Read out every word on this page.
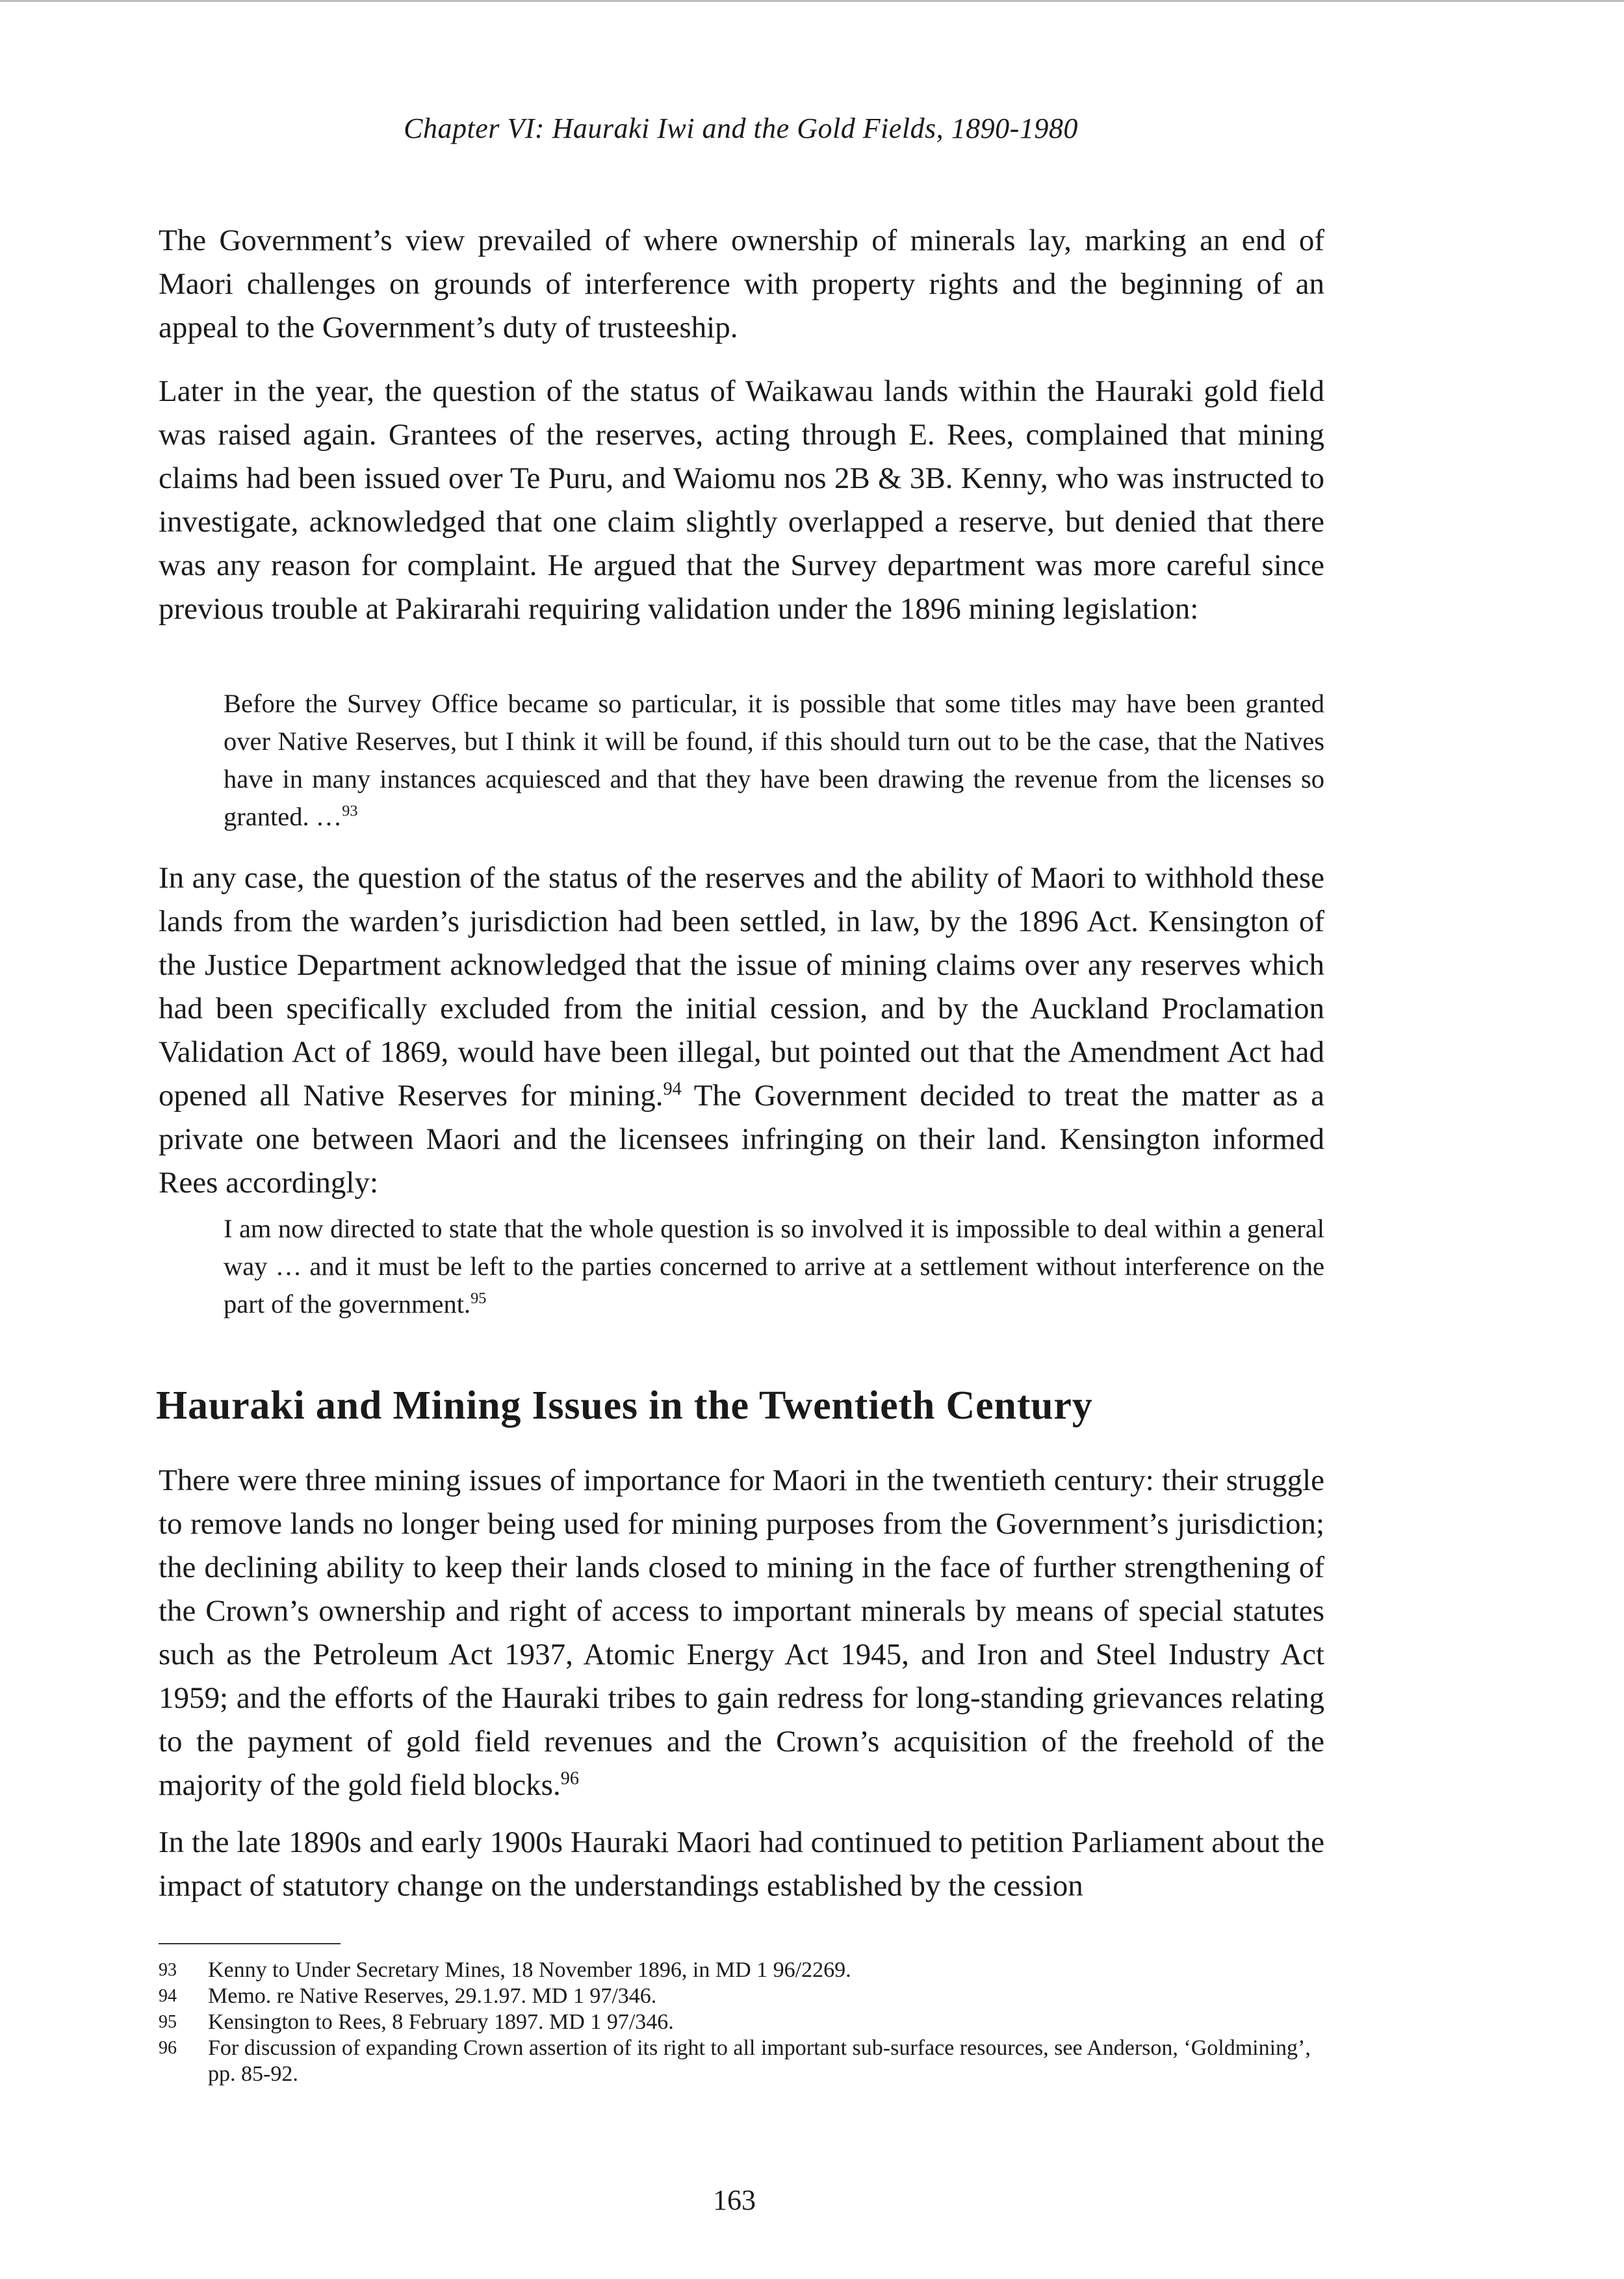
Chapter VI: Hauraki Iwi and the Gold Fields, 1890-1980

The Government’s view prevailed of where ownership of minerals lay, marking an end of Maori challenges on grounds of interference with property rights and the beginning of an appeal to the Government’s duty of trusteeship.

Later in the year, the question of the status of Waikawau lands within the Hauraki gold field was raised again. Grantees of the reserves, acting through E. Rees, complained that mining claims had been issued over Te Puru, and Waiomu nos 2B & 3B. Kenny, who was instructed to investigate, acknowledged that one claim slightly overlapped a reserve, but denied that there was any reason for complaint. He argued that the Survey department was more careful since previous trouble at Pakirarahi requiring validation under the 1896 mining legislation:

Before the Survey Office became so particular, it is possible that some titles may have been granted over Native Reserves, but I think it will be found, if this should turn out to be the case, that the Natives have in many instances acquiesced and that they have been drawing the revenue from the licenses so granted. …$^{93}$

In any case, the question of the status of the reserves and the ability of Maori to withhold these lands from the warden’s jurisdiction had been settled, in law, by the 1896 Act. Kensington of the Justice Department acknowledged that the issue of mining claims over any reserves which had been specifically excluded from the initial cession, and by the Auckland Proclamation Validation Act of 1869, would have been illegal, but pointed out that the Amendment Act had opened all Native Reserves for mining.$^{94}$ The Government decided to treat the matter as a private one between Maori and the licensees infringing on their land. Kensington informed Rees accordingly:

I am now directed to state that the whole question is so involved it is impossible to deal within a general way … and it must be left to the parties concerned to arrive at a settlement without interference on the part of the government.$^{95}$

Hauraki and Mining Issues in the Twentieth Century

There were three mining issues of importance for Maori in the twentieth century: their struggle to remove lands no longer being used for mining purposes from the Government’s jurisdiction; the declining ability to keep their lands closed to mining in the face of further strengthening of the Crown’s ownership and right of access to important minerals by means of special statutes such as the Petroleum Act 1937, Atomic Energy Act 1945, and Iron and Steel Industry Act 1959; and the efforts of the Hauraki tribes to gain redress for long-standing grievances relating to the payment of gold field revenues and the Crown’s acquisition of the freehold of the majority of the gold field blocks.$^{96}$

In the late 1890s and early 1900s Hauraki Maori had continued to petition Parliament about the impact of statutory change on the understandings established by the cession

93	Kenny to Under Secretary Mines, 18 November 1896, in MD 1 96/2269.
94	Memo. re Native Reserves, 29.1.97. MD 1 97/346.
95	Kensington to Rees, 8 February 1897. MD 1 97/346.
96	For discussion of expanding Crown assertion of its right to all important sub-surface resources, see Anderson, ‘Goldmining’, pp. 85-92.
163
